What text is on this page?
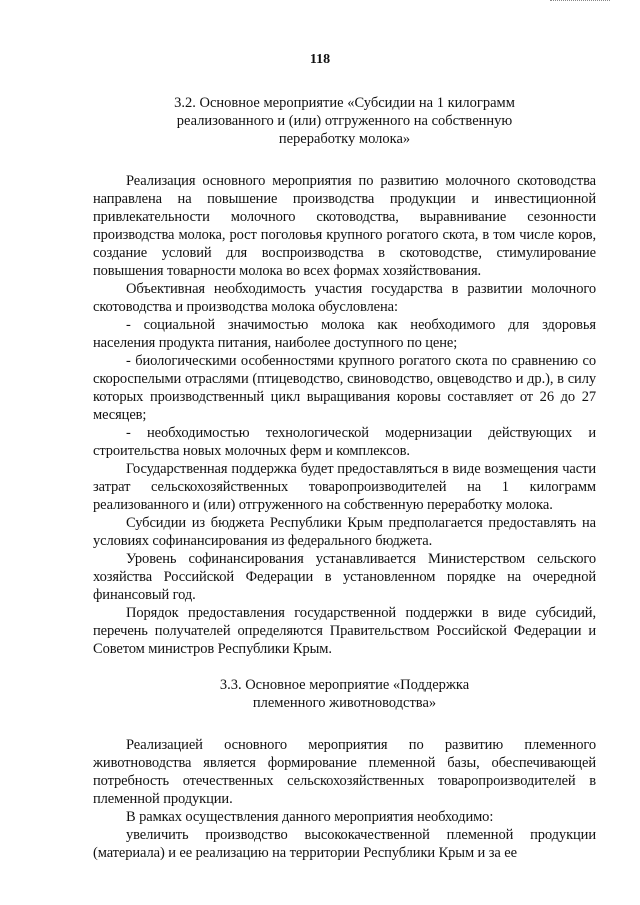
118
3.2. Основное мероприятие «Субсидии на 1 килограмм
реализованного и (или) отгруженного на собственную
переработку молока»

Реализация основного мероприятия по развитию молочного скотоводства направлена на повышение производства продукции и инвестиционной привлекательности молочного скотоводства, выравнивание сезонности производства молока, рост поголовья крупного рогатого скота, в том числе коров, создание условий для воспроизводства в скотоводстве, стимулирование повышения товарности молока во всех формах хозяйствования.

Объективная необходимость участия государства в развитии молочного скотоводства и производства молока обусловлена:

- социальной значимостью молока как необходимого для здоровья населения продукта питания, наиболее доступного по цене;

- биологическими особенностями крупного рогатого скота по сравнению со скороспелыми отраслями (птицеводство, свиноводство, овцеводство и др.), в силу которых производственный цикл выращивания коровы составляет от 26 до 27 месяцев;

- необходимостью технологической модернизации действующих и строительства новых молочных ферм и комплексов.

Государственная поддержка будет предоставляться в виде возмещения части затрат сельскохозяйственных товаропроизводителей на 1 килограмм реализованного и (или) отгруженного на собственную переработку молока.

Субсидии из бюджета Республики Крым предполагается предоставлять на условиях софинансирования из федерального бюджета.

Уровень софинансирования устанавливается Министерством сельского хозяйства Российской Федерации в установленном порядке на очередной финансовый год.

Порядок предоставления государственной поддержки в виде субсидий, перечень получателей определяются Правительством Российской Федерации и Советом министров Республики Крым.

3.3. Основное мероприятие «Поддержка
племенного животноводства»

Реализацией основного мероприятия по развитию племенного животноводства является формирование племенной базы, обеспечивающей потребность отечественных сельскохозяйственных товаропроизводителей в племенной продукции.

В рамках осуществления данного мероприятия необходимо:

увеличить производство высококачественной племенной продукции (материала) и ее реализацию на территории Республики Крым и за ее
